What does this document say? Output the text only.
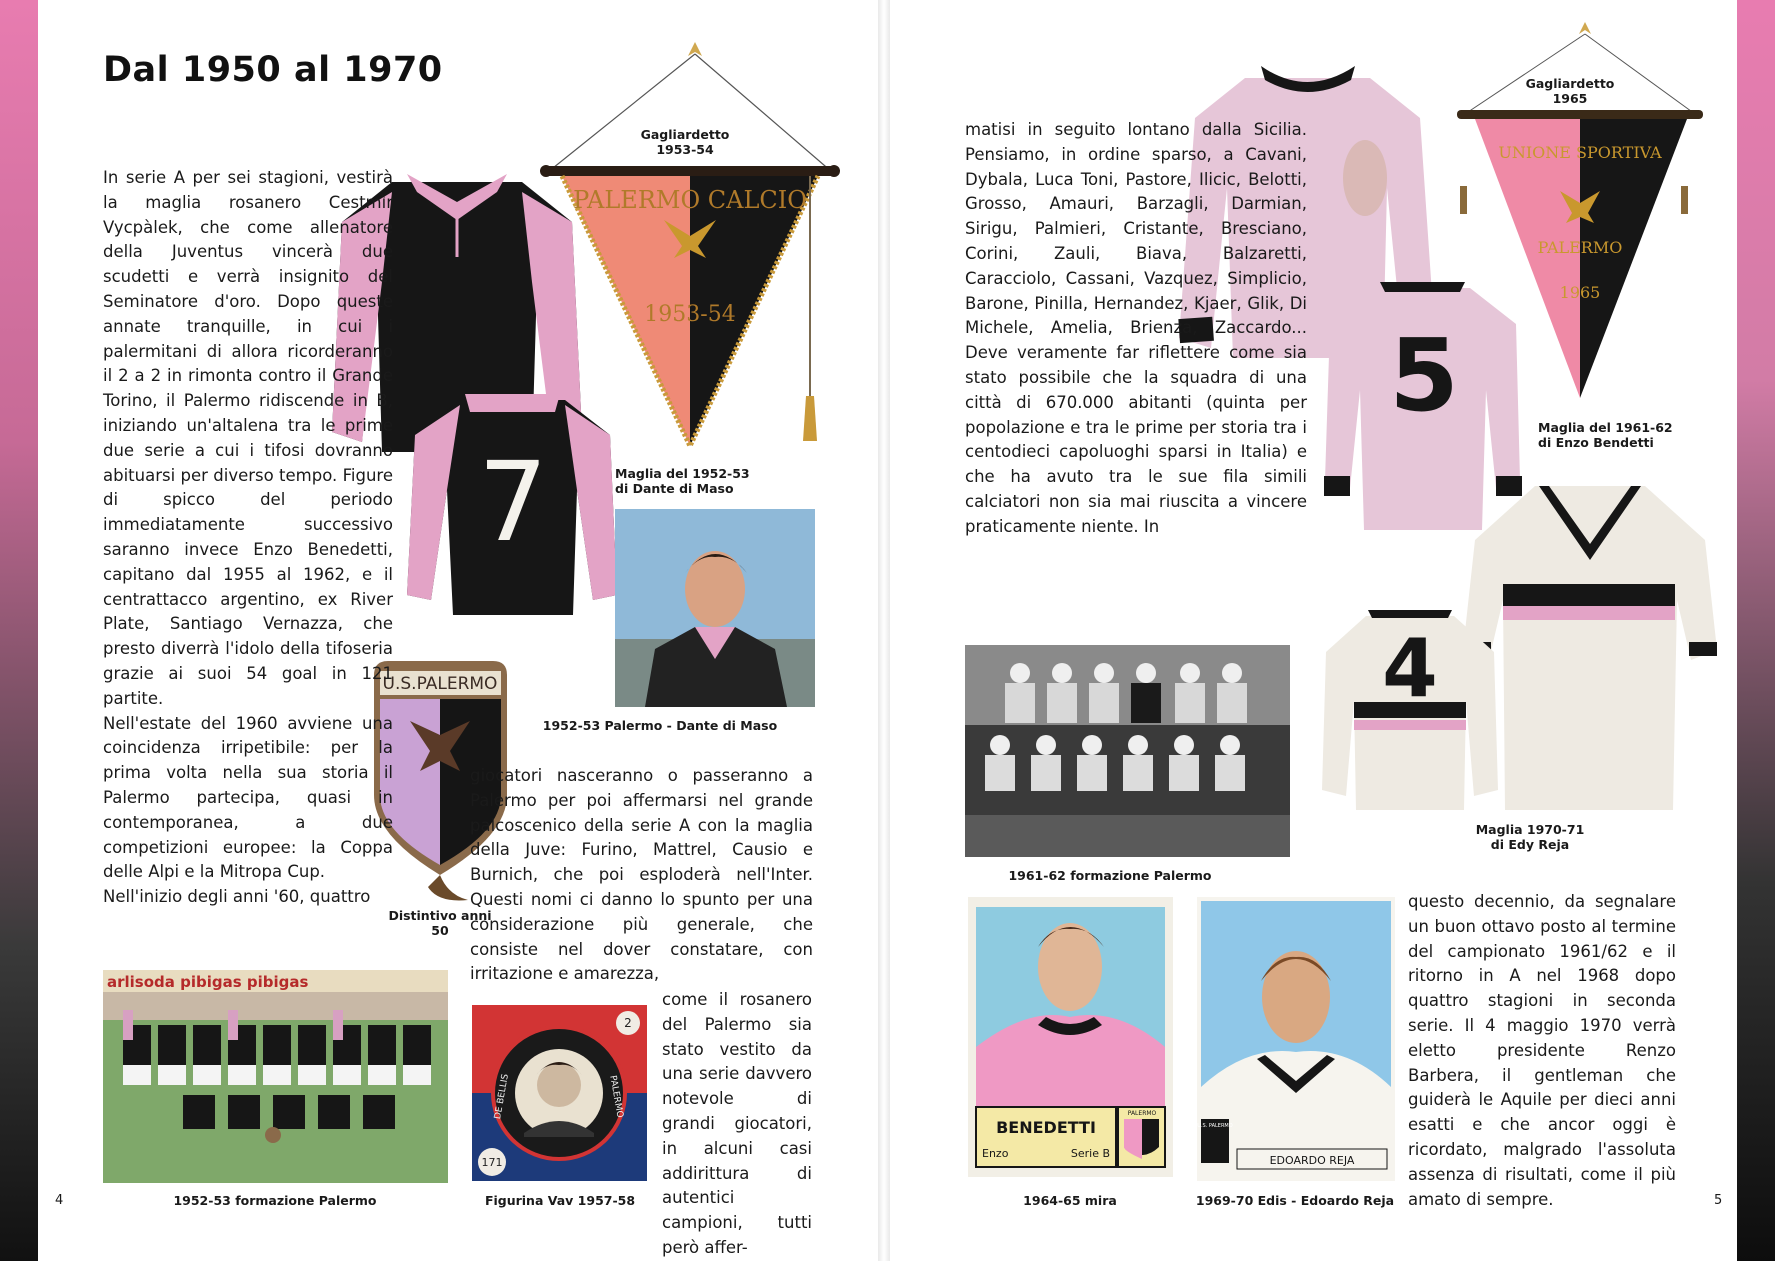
Dal 1950 al 1970
PALERMO CALCIO
1953-54
Gagliardetto
1953-54
7	Maglia del 1952-53
di Dante di Maso
1952-53 Palermo - Dante di Maso
U.S.PALERMO
Distintivo anni 50
In serie A per sei stagioni, vestirà la maglia rosanero Cestmìr Vycpàlek, che come allenatore della Juventus vincerà due scudetti e verrà insignito del Seminatore d'oro. Dopo queste annate tranquille, in cui i palermitani di allora ricorderanno il 2 a 2 in rimonta contro il Grande Torino, il Palermo ridiscende in B, iniziando un'altalena tra le prime due serie a cui i tifosi dovranno abituarsi per diverso tempo. Figure di spicco del periodo immediatamente successivo saranno invece Enzo Benedetti, capitano dal 1955 al 1962, e il centrattacco argentino, ex River Plate, Santiago Vernazza, che presto diverrà l'idolo della tifoseria grazie ai suoi 54 goal in 121 partite.
Nell'estate del 1960 avviene una coincidenza irripetibile: per la prima volta nella sua storia il Palermo partecipa, quasi in contemporanea, a due competizioni europee: la Coppa delle Alpi e la Mitropa Cup.
Nell'inizio degli anni '60, quattro
giocatori nasceranno o passeranno a Palermo per poi affermarsi nel grande palcoscenico della serie A con la maglia della Juve: Furino, Mattrel, Causio e Burnich, che poi esploderà nell'Inter. Questi nomi ci danno lo spunto per una considerazione più generale, che consiste nel dover constatare, con irritazione e amarezza,
come il rosanero del Palermo sia stato vestito da una serie davvero notevole di grandi giocatori, in alcuni casi addirittura di autentici campioni, tutti però affer-
arlisoda pibigas pibigas
1952-53 formazione Palermo
2
171
DE BELLIS	PALERMO
Figurina Vav 1957-58
4
5
UNIONE SPORTIVA
PALERMO
1965
Gagliardetto
1965
Maglia del 1961-62
di Enzo Bendetti
4
Maglia 1970-71
di Edy Reja
matisi in seguito lontano dalla Sicilia. Pensiamo, in ordine sparso, a Cavani, Dybala, Luca Toni, Pastore, Ilicic, Belotti, Grosso, Amauri, Barzagli, Darmian, Sirigu, Palmieri, Cristante, Bresciano, Corini, Zauli, Biava, Balzaretti, Caracciolo, Cassani, Vazquez, Simplicio, Barone, Pinilla, Hernandez, Kjaer, Glik, Di Michele, Amelia, Brienza, Zaccardo... Deve veramente far riflettere come sia stato possibile che la squadra di una città di 670.000 abitanti (quinta per popolazione e tra le prime per storia tra i centodieci capoluoghi sparsi in Italia) e che ha avuto tra le sue fila simili calciatori non sia mai riuscita a vincere praticamente niente. In
1961-62 formazione Palermo
BENEDETTI
Enzo	Serie B
PALERMO
1964-65 mira
U.S. PALERMO
EDOARDO REJA
1969-70 Edis - Edoardo Reja
questo decennio, da segnalare un buon ottavo posto al termine del campionato 1961/62 e il ritorno in A nel 1968 dopo quattro stagioni in seconda serie. Il 4 maggio 1970 verrà eletto presidente Renzo Barbera, il gentleman che guiderà le Aquile per dieci anni esatti e che ancor oggi è ricordato, malgrado l'assoluta assenza di risultati, come il più amato di sempre.	5
